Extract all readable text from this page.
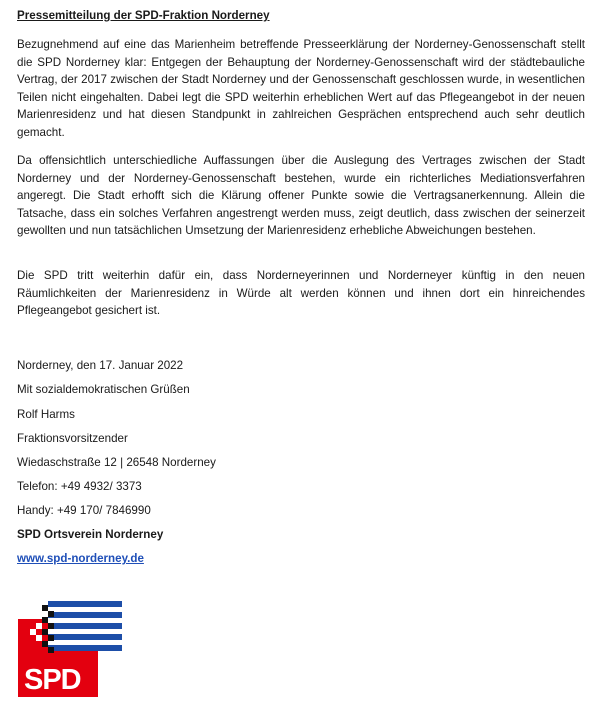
Pressemitteilung der SPD-Fraktion Norderney

Bezugnehmend auf eine das Marienheim betreffende Presseerklärung der Norderney-Genossenschaft stellt die SPD Norderney klar: Entgegen der Behauptung der Norderney-Genossenschaft wird der städtebauliche Vertrag, der 2017 zwischen der Stadt Norderney und der Genossenschaft geschlossen wurde, in wesentlichen Teilen nicht eingehalten. Dabei legt die SPD weiterhin erheblichen Wert auf das Pflegeangebot in der neuen Marienresidenz und hat diesen Standpunkt in zahlreichen Gesprächen entsprechend auch sehr deutlich gemacht.

Da offensichtlich unterschiedliche Auffassungen über die Auslegung des Vertrages zwischen der Stadt Norderney und der Norderney-Genossenschaft bestehen, wurde ein richterliches Mediationsverfahren angeregt. Die Stadt erhofft sich die Klärung offener Punkte sowie die Vertragsanerkennung. Allein die Tatsache, dass ein solches Verfahren angestrengt werden muss, zeigt deutlich, dass zwischen der seinerzeit gewollten und nun tatsächlichen Umsetzung der Marienresidenz erhebliche Abweichungen bestehen.

Die SPD tritt weiterhin dafür ein, dass Norderneyerinnen und Norderneyer künftig in den neuen Räumlichkeiten der Marienresidenz in Würde alt werden können und ihnen dort ein hinreichendes Pflegeangebot gesichert ist.

Norderney, den 17. Januar 2022
Mit sozialdemokratischen Grüßen
Rolf Harms
Fraktionsvorsitzender
Wiedaschstraße 12 | 26548 Norderney
Telefon: +49 4932/ 3373
Handy: +49 170/ 7846990
SPD Ortsverein Norderney
www.spd-norderney.de
SPD
